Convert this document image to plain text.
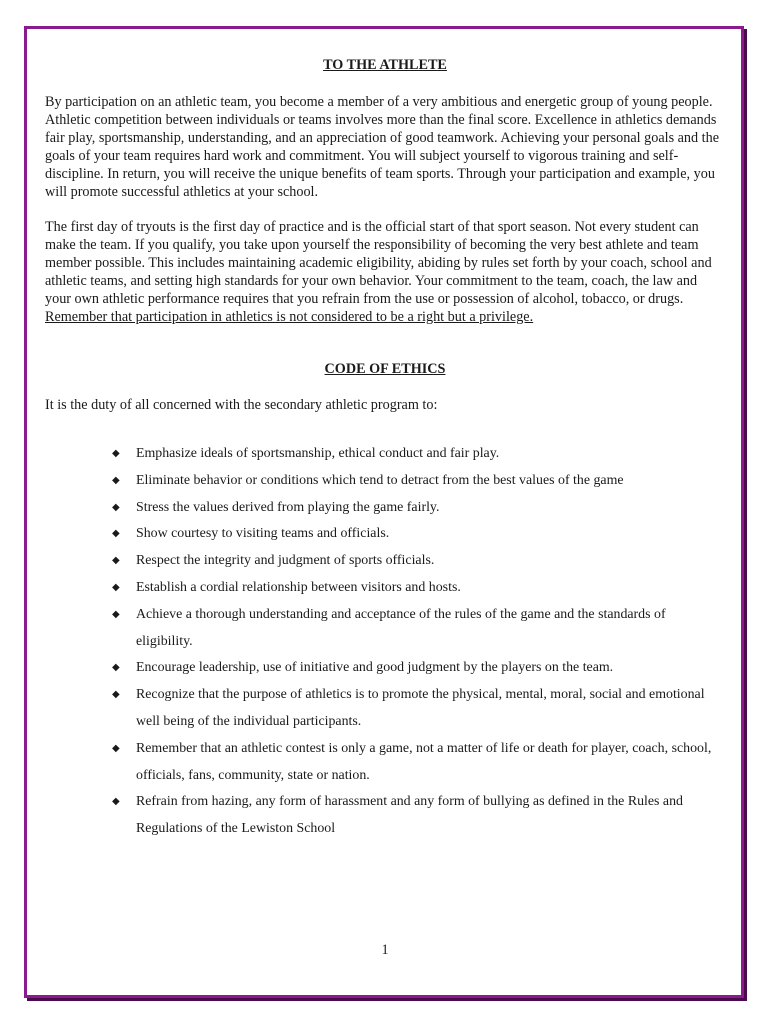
TO THE ATHLETE

By participation on an athletic team, you become a member of a very ambitious and energetic group of young people. Athletic competition between individuals or teams involves more than the final score. Excellence in athletics demands fair play, sportsmanship, understanding, and an appreciation of good teamwork. Achieving your personal goals and the goals of your team requires hard work and commitment. You will subject yourself to vigorous training and self-discipline. In return, you will receive the unique benefits of team sports. Through your participation and example, you will promote successful athletics at your school.

The first day of tryouts is the first day of practice and is the official start of that sport season. Not every student can make the team. If you qualify, you take upon yourself the responsibility of becoming the very best athlete and team member possible. This includes maintaining academic eligibility, abiding by rules set forth by your coach, school and athletic teams, and setting high standards for your own behavior. Your commitment to the team, coach, the law and your own athletic performance requires that you refrain from the use or possession of alcohol, tobacco, or drugs. Remember that participation in athletics is not considered to be a right but a privilege.

CODE OF ETHICS

It is the duty of all concerned with the secondary athletic program to:

◆ Emphasize ideals of sportsmanship, ethical conduct and fair play.
◆ Eliminate behavior or conditions which tend to detract from the best values of the game
◆ Stress the values derived from playing the game fairly.
◆ Show courtesy to visiting teams and officials.
◆ Respect the integrity and judgment of sports officials.
◆ Establish a cordial relationship between visitors and hosts.
◆ Achieve a thorough understanding and acceptance of the rules of the game and the standards of eligibility.
◆ Encourage leadership, use of initiative and good judgment by the players on the team.
◆ Recognize that the purpose of athletics is to promote the physical, mental, moral, social and emotional well being of the individual participants.
◆ Remember that an athletic contest is only a game, not a matter of life or death for player, coach, school, officials, fans, community, state or nation.
◆ Refrain from hazing, any form of harassment and any form of bullying as defined in the Rules and Regulations of the Lewiston School
1
